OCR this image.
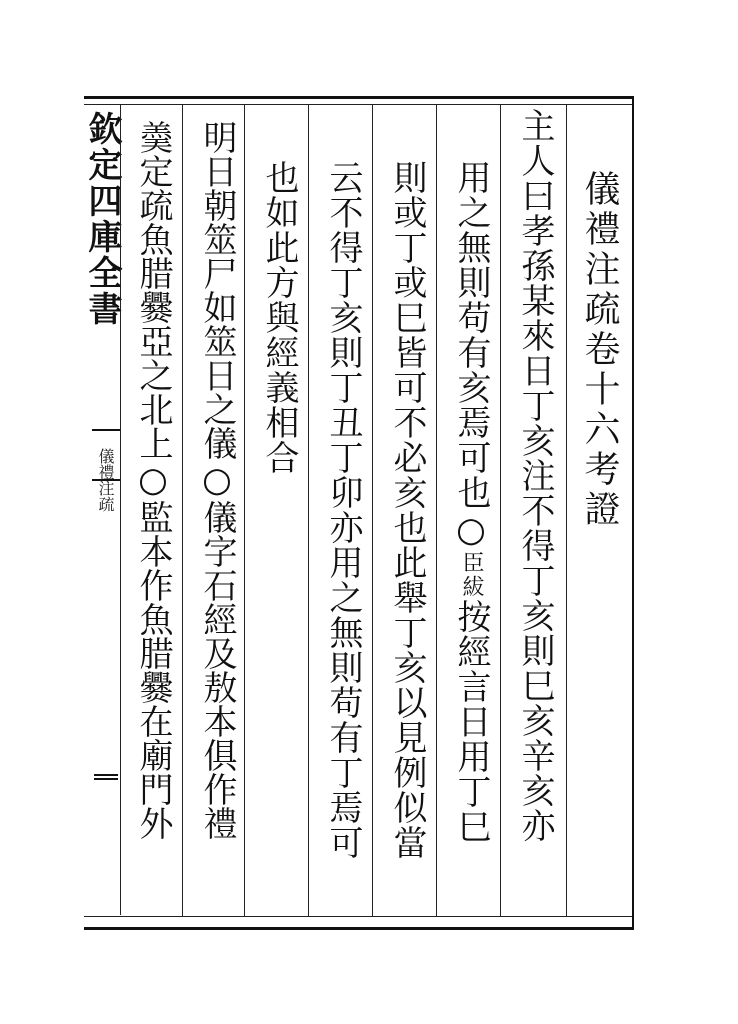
欽定四庫全書
儀禮注疏	儀禮注疏卷十六考證
主人曰孝孫某來日丁亥注不得丁亥則巳亥辛亥亦
用之無則苟有亥焉可也○臣紱按經言日用丁巳
則或丁或巳皆可不必亥也此舉丁亥以見例似當
云不得丁亥則丁丑丁卯亦用之無則苟有丁焉可
也如此方與經義相合
明日朝筮尸如筮日之儀○儀字石經及敖本俱作禮
羮定疏魚腊爨亞之北上○監本作魚腊爨在廟門外
